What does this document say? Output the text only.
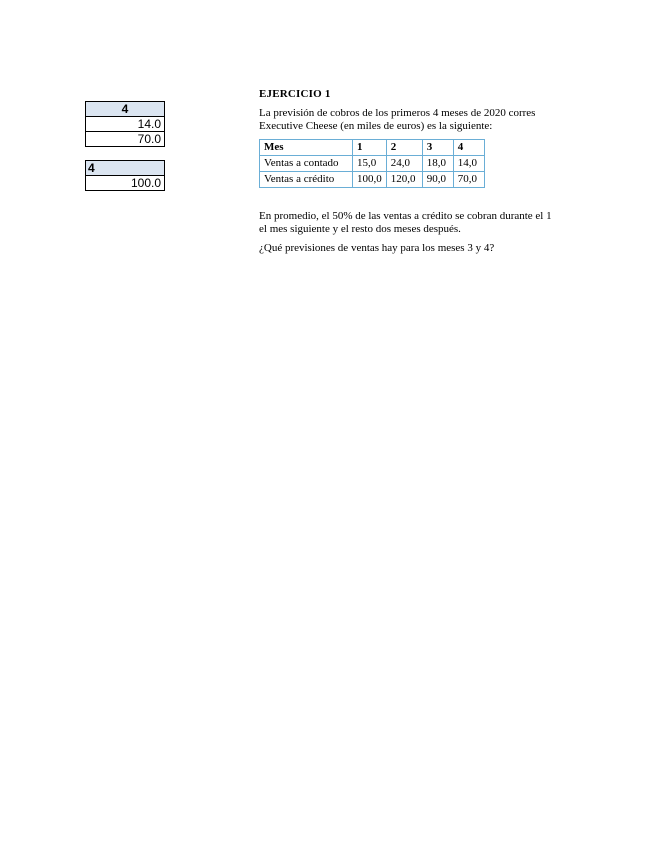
4
14.0
70.0
4
100.0
EJERCICIO 1
La previsión de cobros de los primeros 4 meses de 2020 corres
Executive Cheese (en miles de euros) es la siguiente:
Mes	1	2	3	4
Ventas a contado	15,0	24,0	18,0	14,0
Ventas a crédito	100,0	120,0	90,0	70,0
En promedio, el 50% de las ventas a crédito se cobran durante el 1
el mes siguiente y el resto dos meses después.
¿Qué previsiones de ventas hay para los meses 3 y 4?
